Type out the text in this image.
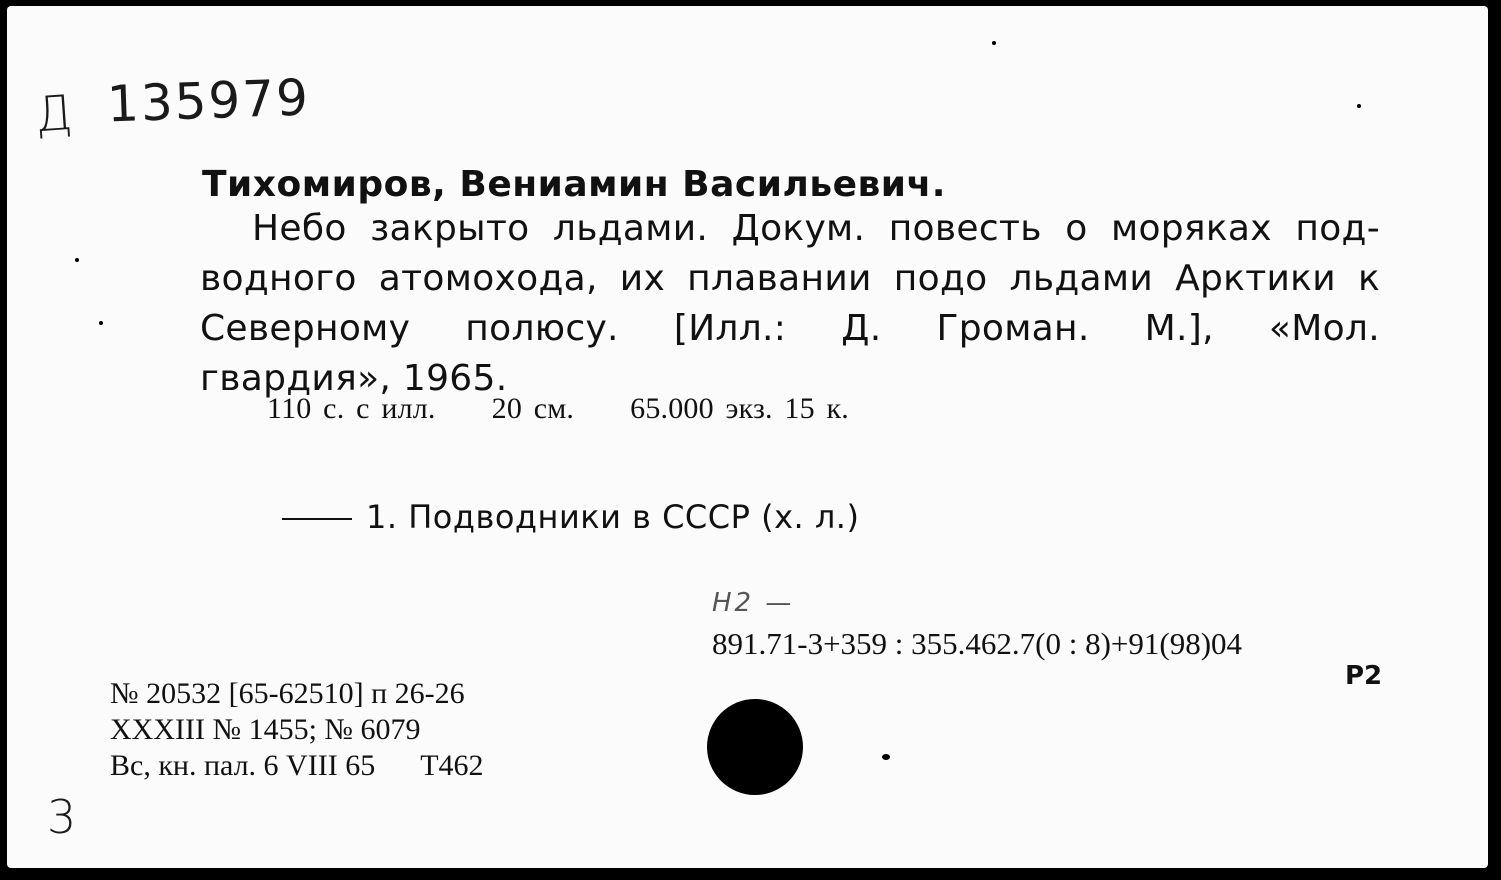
Д 135979
Тихомиров, Вениамин Васильевич.
Небо закрыто льдами. Докум. повесть о моряках под-
водного атомохода, их плавании подо льдами Арктики к
Северному полюсу. [Илл.: Д. Громан. М.], «Мол.
гвардия», 1965.
110 с. с илл. 20 см. 65.000 экз. 15 к.
1. Подводники в СССР (х. л.)
Н2 —
891.71-3+359 : 355.462.7(0 : 8)+91(98)04
Р2
№ 20532 [65-62510] п 26-26
XXXIII № 1455; № 6079
Вс, кн. пал. 6 VIII 65      Т462
3
